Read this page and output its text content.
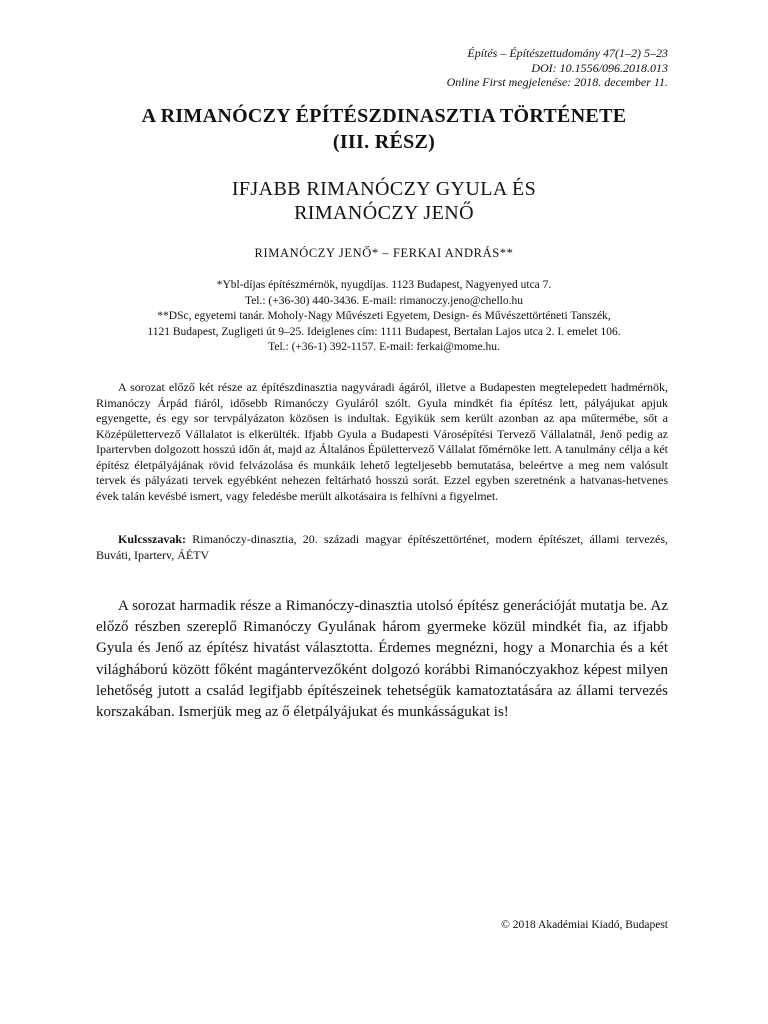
Építés – Építészettudomány 47(1–2) 5–23
DOI: 10.1556/096.2018.013
Online First megjelenése: 2018. december 11.
A RIMANÓCZY ÉPÍTÉSZDINASZTIA TÖRTÉNETE
(III. RÉSZ)
IFJABB RIMANÓCZY GYULA ÉS
RIMANÓCZY JENŐ
RIMANÓCZY JENŐ* – FERKAI ANDRÁS**
*Ybl-díjas építészmérnök, nyugdíjas. 1123 Budapest, Nagyenyed utca 7.
Tel.: (+36-30) 440-3436. E-mail: rimanoczy.jeno@chello.hu
**DSc, egyetemi tanár. Moholy-Nagy Művészeti Egyetem, Design- és Művészettörténeti Tanszék,
1121 Budapest, Zugligeti út 9–25. Ideiglenes cím: 1111 Budapest, Bertalan Lajos utca 2. I. emelet 106.
Tel.: (+36-1) 392-1157. E-mail: ferkai@mome.hu.

A sorozat előző két része az építészdinasztia nagyváradi ágáról, illetve a Budapesten megtelepedett hadmérnök, Rimanóczy Árpád fiáról, idősebb Rimanóczy Gyuláról szólt. Gyula mindkét fia építész lett, pályájukat apjuk egyengette, és egy sor tervpályázaton közösen is indultak. Egyikük sem került azonban az apa műtermébe, sőt a Középülettervező Vállalatot is elkerülték. Ifjabb Gyula a Budapesti Városépítési Tervező Vállalatnál, Jenő pedig az Ipartervben dolgozott hosszú időn át, majd az Általános Épülettervező Vállalat főmérnöke lett. A tanulmány célja a két építész életpályájának rövid felvázolása és munkáik lehető legteljesebb bemutatása, beleértve a meg nem valósult tervek és pályázati tervek egyébként nehezen feltárható hosszú sorát. Ezzel egyben szeretnénk a hatvanas-hetvenes évek talán kevésbé ismert, vagy feledésbe merült alkotásaira is felhívni a figyelmet.

Kulcsszavak: Rimanóczy-dinasztia, 20. századi magyar építészettörténet, modern építészet, állami tervezés, Buváti, Iparterv, ÁÉTV

A sorozat harmadik része a Rimanóczy-dinasztia utolsó építész generációját mutatja be. Az előző részben szereplő Rimanóczy Gyulának három gyermeke közül mindkét fia, az ifjabb Gyula és Jenő az építész hivatást választotta. Érdemes megnézni, hogy a Monarchia és a két világháború között főként magántervezőként dolgozó korábbi Rimanóczyakhoz képest milyen lehetőség jutott a család legifjabb építészeinek tehetségük kamatoztatására az állami tervezés korszakában. Ismerjük meg az ő életpályájukat és munkásságukat is!

© 2018 Akadémiai Kiadó, Budapest
